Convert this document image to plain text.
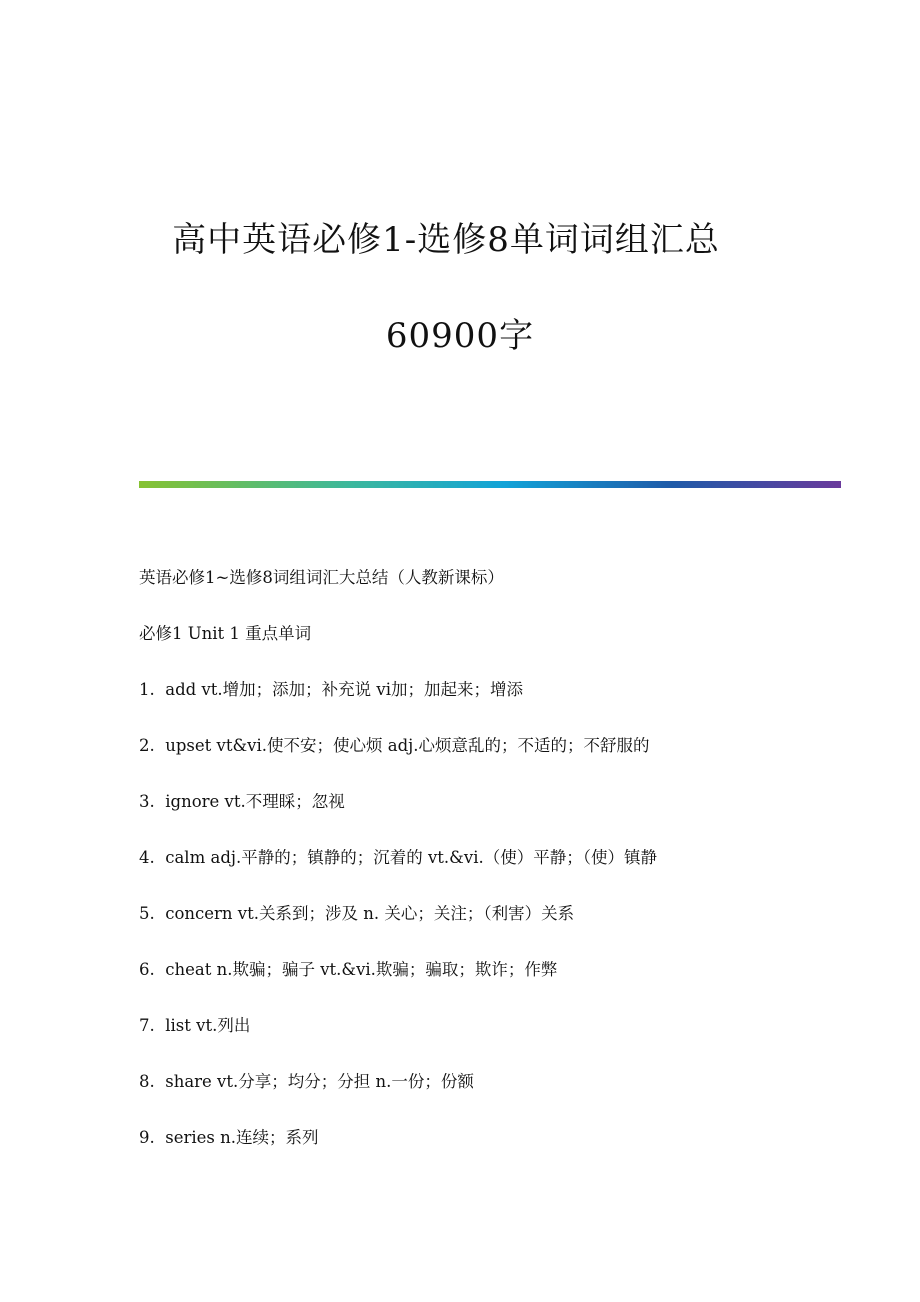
高中英语必修1-选修8单词词组汇总
60900字
英语必修1~选修8词组词汇大总结（人教新课标）
必修1 Unit 1 重点单词
1.  add vt.增加；添加；补充说 vi加；加起来；增添
2.  upset vt&vi.使不安；使心烦 adj.心烦意乱的；不适的；不舒服的
3.  ignore vt.不理睬；忽视
4.  calm adj.平静的；镇静的；沉着的 vt.&vi.（使）平静；（使）镇静
5.  concern vt.关系到；涉及 n. 关心；关注；（利害）关系
6.  cheat n.欺骗；骗子 vt.&vi.欺骗；骗取；欺诈；作弊
7.  list vt.列出
8.  share vt.分享；均分；分担 n.一份；份额
9.  series n.连续；系列
